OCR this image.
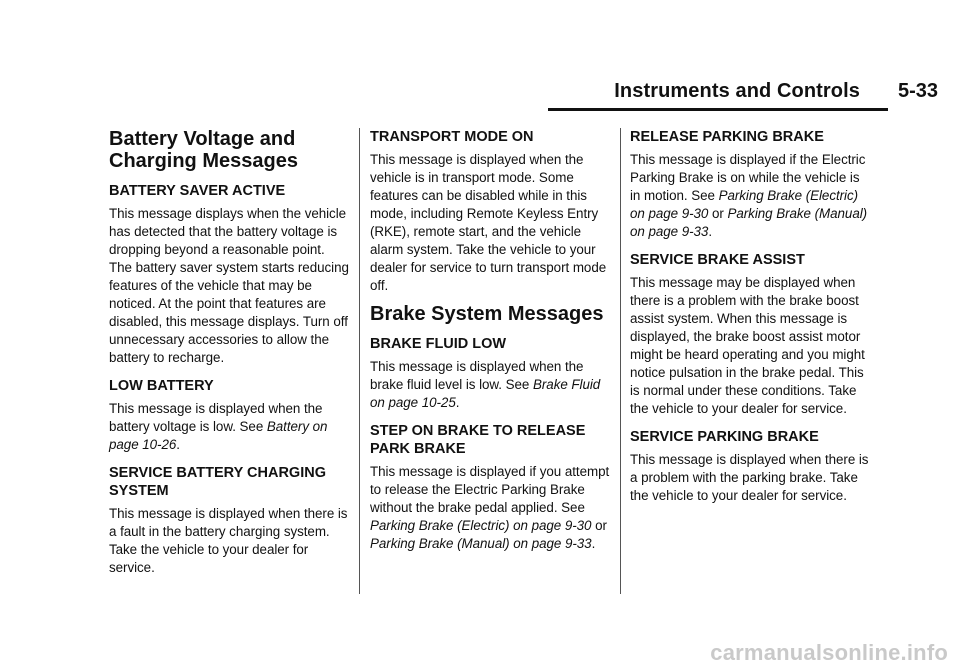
Instruments and Controls 5-33
Battery Voltage and Charging Messages
BATTERY SAVER ACTIVE

This message displays when the vehicle has detected that the battery voltage is dropping beyond a reasonable point. The battery saver system starts reducing features of the vehicle that may be noticed. At the point that features are disabled, this message displays. Turn off unnecessary accessories to allow the battery to recharge.

LOW BATTERY

This message is displayed when the battery voltage is low. See Battery on page 10-26.

SERVICE BATTERY CHARGING SYSTEM

This message is displayed when there is a fault in the battery charging system. Take the vehicle to your dealer for service.

TRANSPORT MODE ON

This message is displayed when the vehicle is in transport mode. Some features can be disabled while in this mode, including Remote Keyless Entry (RKE), remote start, and the vehicle alarm system. Take the vehicle to your dealer for service to turn transport mode off.

Brake System Messages
BRAKE FLUID LOW

This message is displayed when the brake fluid level is low. See Brake Fluid on page 10-25.

STEP ON BRAKE TO RELEASE PARK BRAKE

This message is displayed if you attempt to release the Electric Parking Brake without the brake pedal applied. See Parking Brake (Electric) on page 9-30 or Parking Brake (Manual) on page 9-33.

RELEASE PARKING BRAKE

This message is displayed if the Electric Parking Brake is on while the vehicle is in motion. See Parking Brake (Electric) on page 9-30 or Parking Brake (Manual) on page 9-33.

SERVICE BRAKE ASSIST

This message may be displayed when there is a problem with the brake boost assist system. When this message is displayed, the brake boost assist motor might be heard operating and you might notice pulsation in the brake pedal. This is normal under these conditions. Take the vehicle to your dealer for service.

SERVICE PARKING BRAKE

This message is displayed when there is a problem with the parking brake. Take the vehicle to your dealer for service.

carmanualsonline.info
